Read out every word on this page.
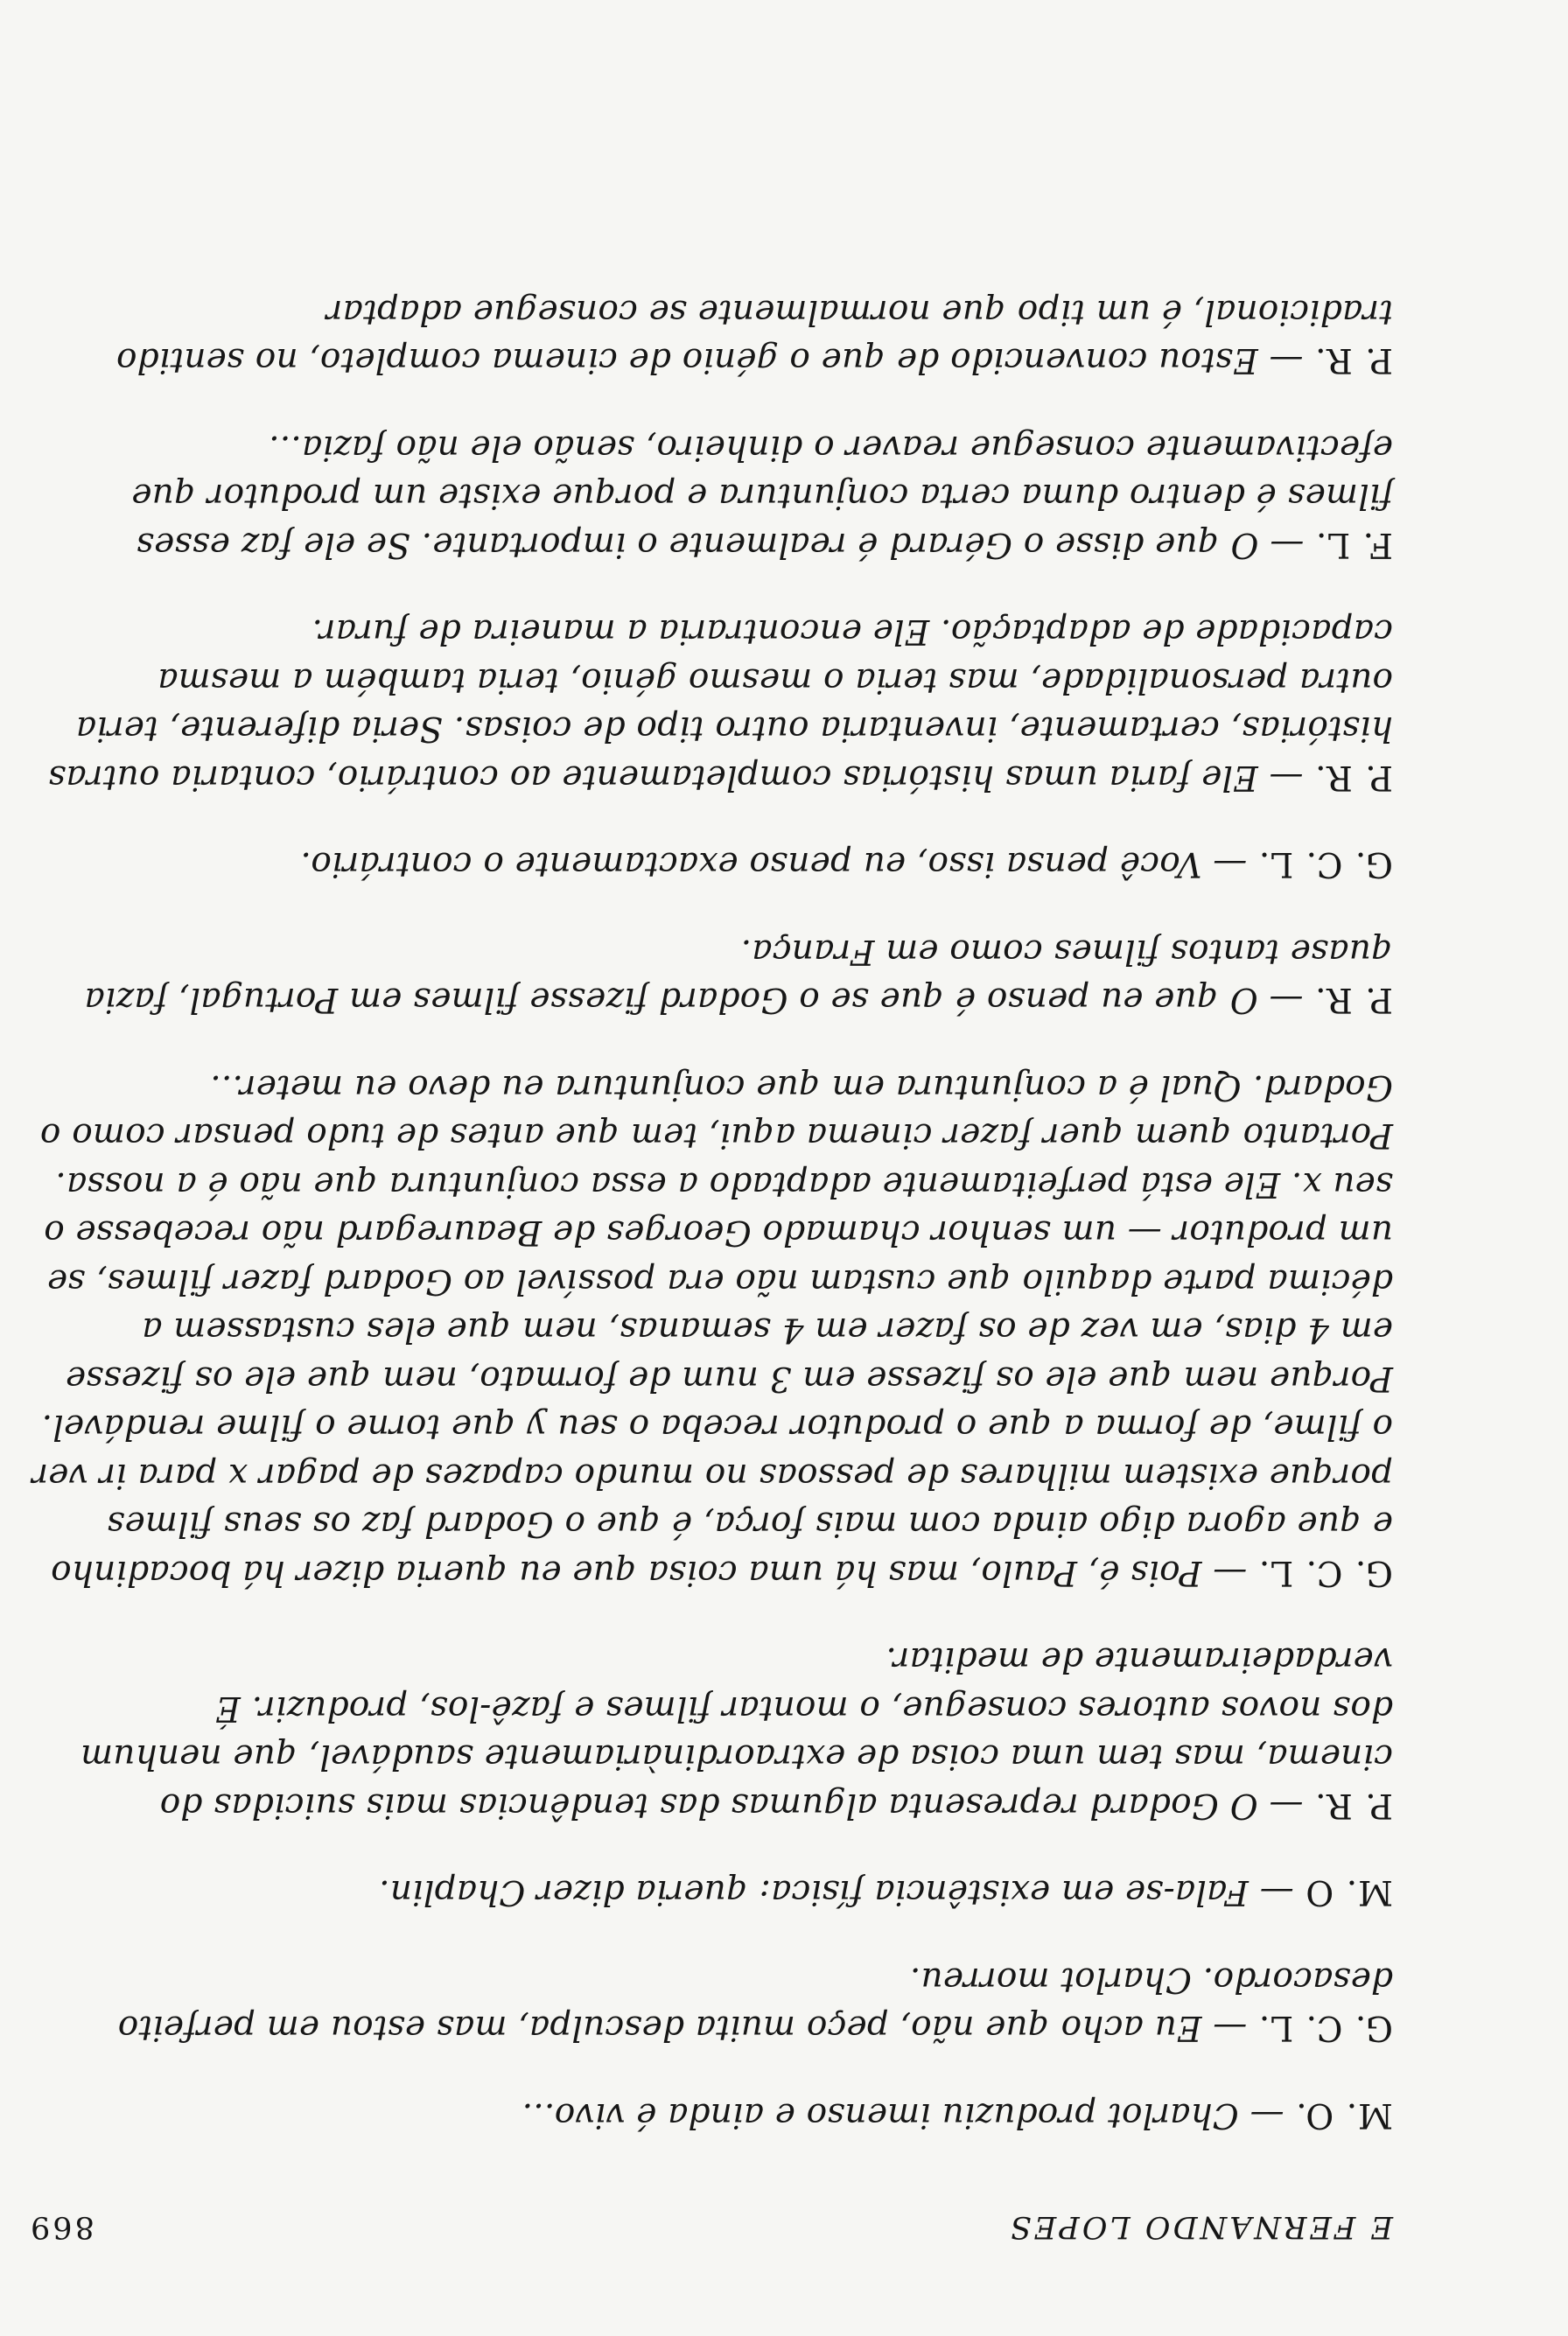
E FERNANDO LOPES
869

M. O. — Charlot produziu imenso e ainda é vivo...

G. C. L. — Eu acho que não, peço muita desculpa, mas estou em perfeito desacordo. Charlot morreu.

M. O — Fala-se em existência física: queria dizer Chaplin.

P. R. — O Godard representa algumas das tendências mais suicidas do cinema, mas tem uma coisa de extraordinàriamente saudável, que nenhum dos novos autores consegue, o montar filmes e fazê-los, produzir. É verdadeiramente de meditar.

G. C. L. — Pois é, Paulo, mas há uma coisa que eu queria dizer há bocadinho e que agora digo ainda com mais força, é que o Godard faz os seus filmes porque existem milhares de pessoas no mundo capazes de pagar x para ir ver o filme, de forma a que o produtor receba o seu y que torne o filme rendável. Porque nem que ele os fizesse em 3 num de formato, nem que ele os fizesse em 4 dias, em vez de os fazer em 4 semanas, nem que eles custassem a décima parte daquilo que custam não era possível ao Godard fazer filmes, se um produtor — um senhor chamado Georges de Beauregard não recebesse o seu x. Ele está perfeitamente adaptado a essa conjuntura que não é a nossa. Portanto quem quer fazer cinema aqui, tem que antes de tudo pensar como o Godard. Qual é a conjuntura em que conjuntura eu devo eu meter...

P. R. — O que eu penso é que se o Godard fizesse filmes em Portugal, fazia quase tantos filmes como em França.

G. C. L. — Você pensa isso, eu penso exactamente o contrário.

P. R. — Ele faria umas histórias completamente ao contrário, contaria outras histórias, certamente, inventaria outro tipo de coisas. Seria diferente, teria outra personalidade, mas teria o mesmo génio, teria também a mesma capacidade de adaptação. Ele encontraria a maneira de furar.

F. L. — O que disse o Gérard é realmente o importante. Se ele faz esses filmes é dentro duma certa conjuntura e porque existe um produtor que efectivamente consegue reaver o dinheiro, senão ele não fazia...

P. R. — Estou convencido de que o génio de cinema completo, no sentido tradicional, é um tipo que normalmente se consegue adaptar
